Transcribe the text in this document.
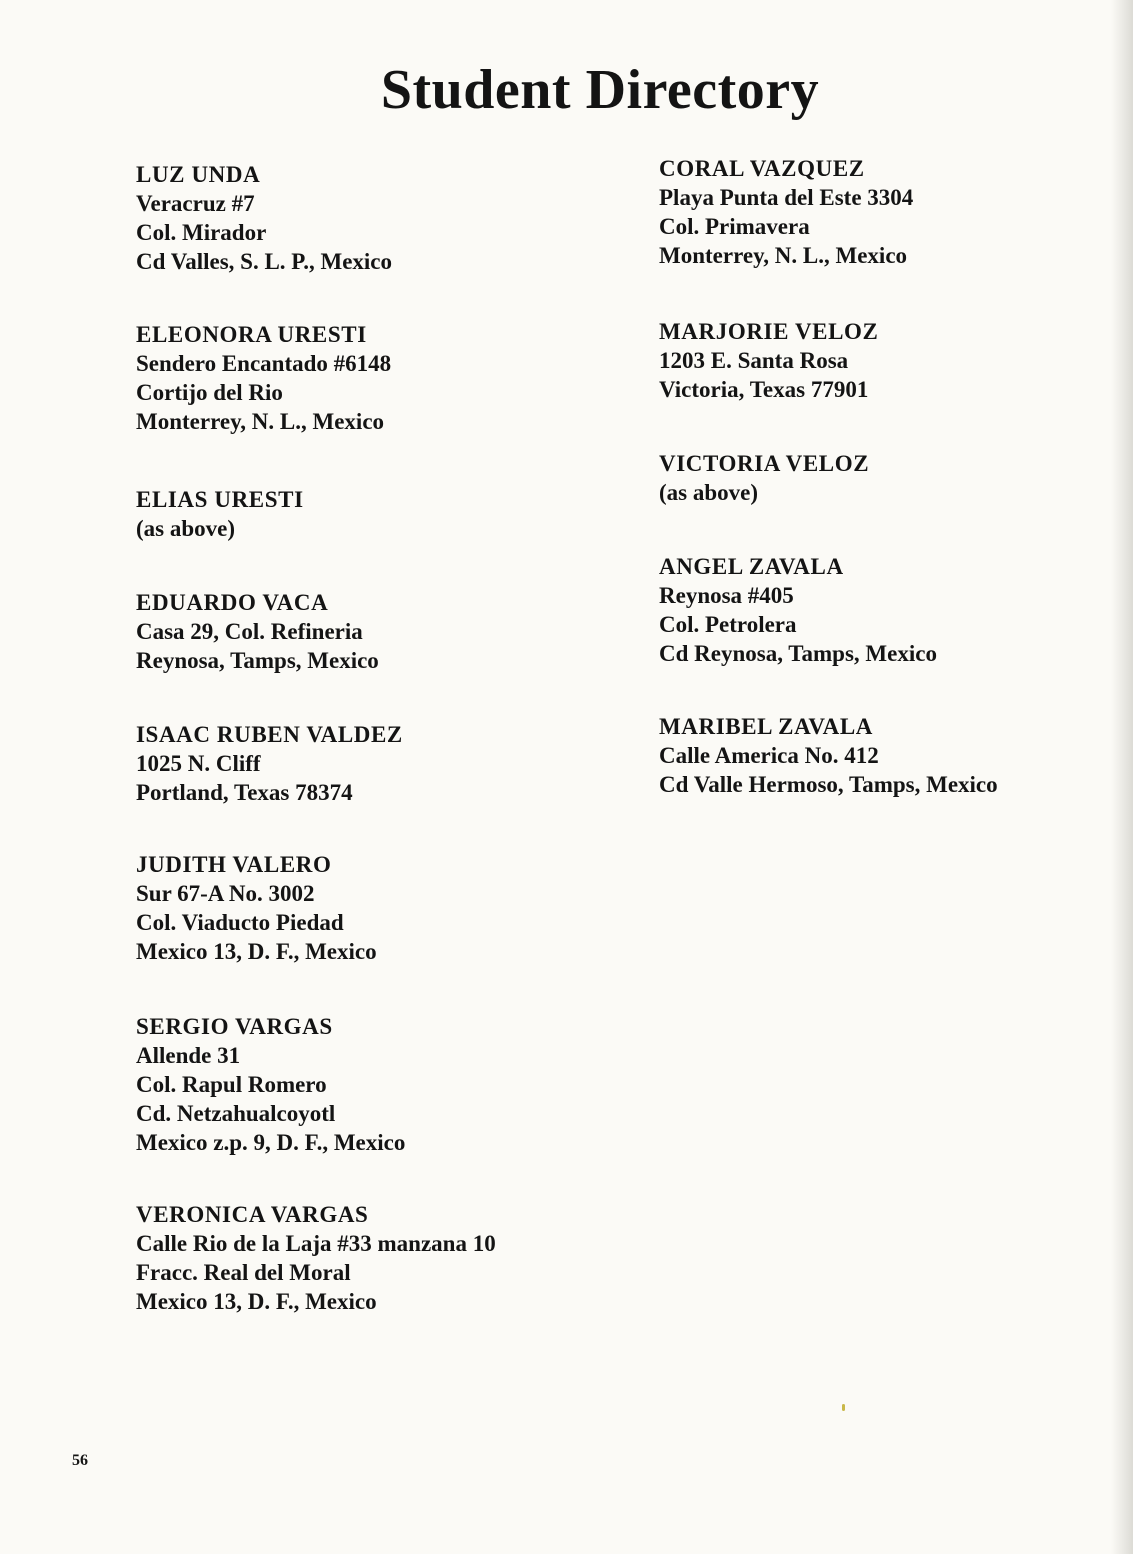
Student Directory
LUZ UNDA
Veracruz #7
Col. Mirador
Cd Valles, S. L. P., Mexico
ELEONORA URESTI
Sendero Encantado #6148
Cortijo del Rio
Monterrey, N. L., Mexico
ELIAS URESTI
(as above)
EDUARDO VACA
Casa 29, Col. Refineria
Reynosa, Tamps, Mexico
ISAAC RUBEN VALDEZ
1025 N. Cliff
Portland, Texas 78374
JUDITH VALERO
Sur 67-A No. 3002
Col. Viaducto Piedad
Mexico 13, D. F., Mexico
SERGIO VARGAS
Allende 31
Col. Rapul Romero
Cd. Netzahualcoyotl
Mexico z.p. 9, D. F., Mexico
VERONICA VARGAS
Calle Rio de la Laja #33 manzana 10
Fracc. Real del Moral
Mexico 13, D. F., Mexico
CORAL VAZQUEZ
Playa Punta del Este 3304
Col. Primavera
Monterrey, N. L., Mexico
MARJORIE VELOZ
1203 E. Santa Rosa
Victoria, Texas 77901
VICTORIA VELOZ
(as above)
ANGEL ZAVALA
Reynosa #405
Col. Petrolera
Cd Reynosa, Tamps, Mexico
MARIBEL ZAVALA
Calle America No. 412
Cd Valle Hermoso, Tamps, Mexico
56
